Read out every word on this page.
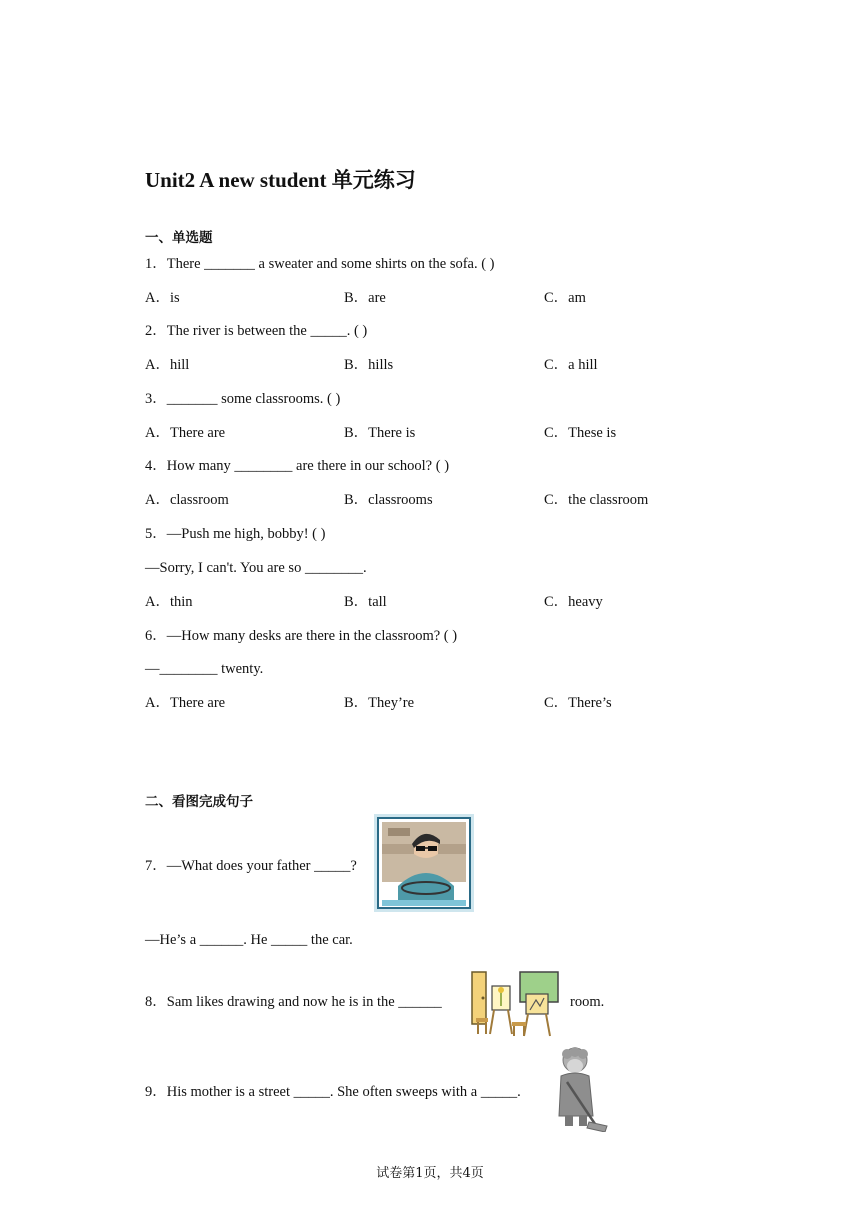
Unit2 A new student 单元练习
一、单选题
1．There _______ a sweater and some shirts on the sofa. ( )
A．is	B．are	C．am
2．The river is between the _____. ( )
A．hill	B．hills	C．a hill
3．_______ some classrooms. ( )
A．There are	B．There is	C．These is
4．How many ________ are there in our school? ( )
A．classroom	B．classrooms	C．the classroom
5．—Push me high, bobby! ( )
—Sorry, I can't. You are so ________.
A．thin	B．tall	C．heavy
6．—How many desks are there in the classroom? ( )
—________ twenty.
A．There are	B．They’re	C．There’s
二、看图完成句子
7．—What does your father _____?
—He’s a ______. He _____ the car.
8．Sam likes drawing and now he is in the ______	room.
9．His mother is a street _____. She often sweeps with a _____.
试卷第1页，共4页
